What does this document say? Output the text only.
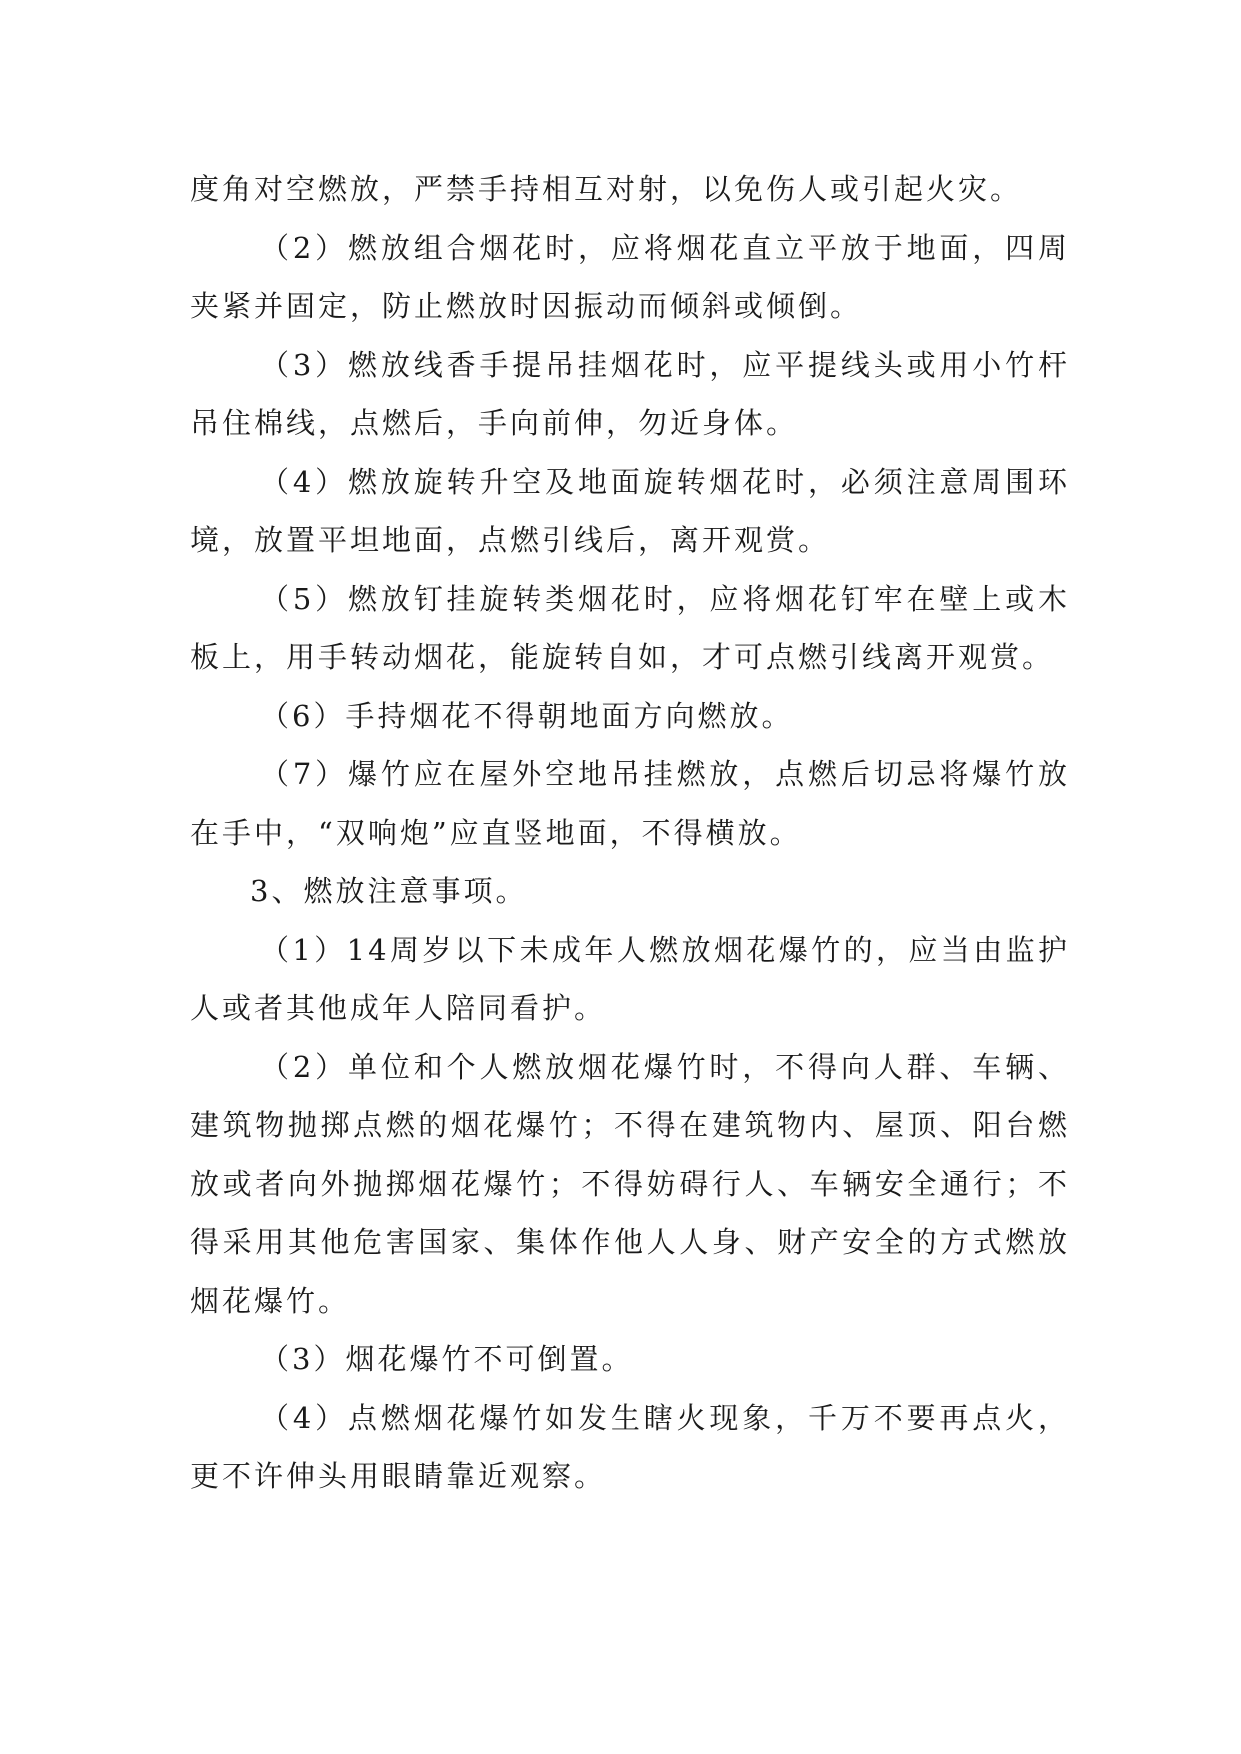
度角对空燃放，严禁手持相互对射，以免伤人或引起火灾。

（2）燃放组合烟花时，应将烟花直立平放于地面，四周夹紧并固定，防止燃放时因振动而倾斜或倾倒。

（3）燃放线香手提吊挂烟花时，应平提线头或用小竹杆吊住棉线，点燃后，手向前伸，勿近身体。

（4）燃放旋转升空及地面旋转烟花时，必须注意周围环境，放置平坦地面，点燃引线后，离开观赏。

（5）燃放钉挂旋转类烟花时，应将烟花钉牢在壁上或木板上，用手转动烟花，能旋转自如，才可点燃引线离开观赏。

（6）手持烟花不得朝地面方向燃放。

（7）爆竹应在屋外空地吊挂燃放，点燃后切忌将爆竹放在手中，“双响炮”应直竖地面，不得横放。

3、燃放注意事项。

（1）14周岁以下未成年人燃放烟花爆竹的，应当由监护人或者其他成年人陪同看护。

（2）单位和个人燃放烟花爆竹时，不得向人群、车辆、建筑物抛掷点燃的烟花爆竹；不得在建筑物内、屋顶、阳台燃放或者向外抛掷烟花爆竹；不得妨碍行人、车辆安全通行；不得采用其他危害国家、集体作他人人身、财产安全的方式燃放烟花爆竹。

（3）烟花爆竹不可倒置。

（4）点燃烟花爆竹如发生瞎火现象，千万不要再点火，更不许伸头用眼睛靠近观察。
